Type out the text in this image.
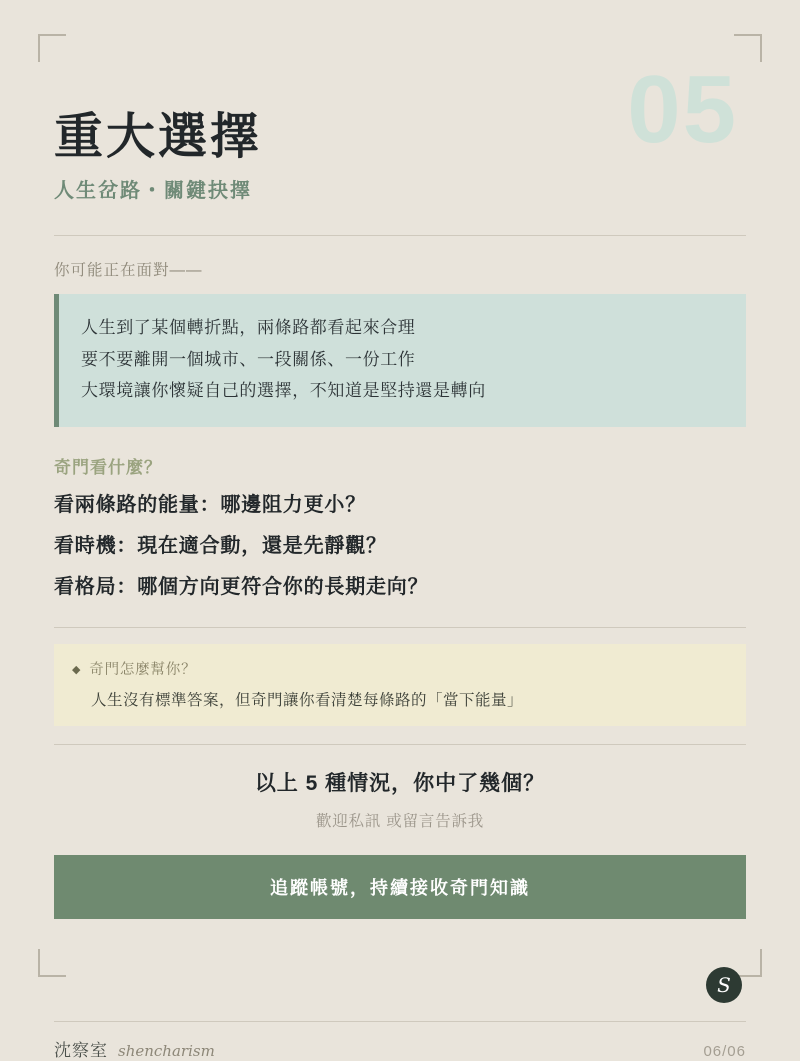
05
重大選擇
人生岔路・關鍵抉擇
你可能正在面對——
人生到了某個轉折點，兩條路都看起來合理
要不要離開一個城市、一段關係、一份工作
大環境讓你懷疑自己的選擇，不知道是堅持還是轉向
奇門看什麼？
看兩條路的能量：哪邊阻力更小？
看時機：現在適合動，還是先靜觀？
看格局：哪個方向更符合你的長期走向？
◆ 奇門怎麼幫你？
人生沒有標準答案，但奇門讓你看清楚每條路的「當下能量」
以上 5 種情況，你中了幾個？
歡迎私訊 或留言告訴我
追蹤帳號，持續接收奇門知識
S
沈察室 shencharism	06/06
